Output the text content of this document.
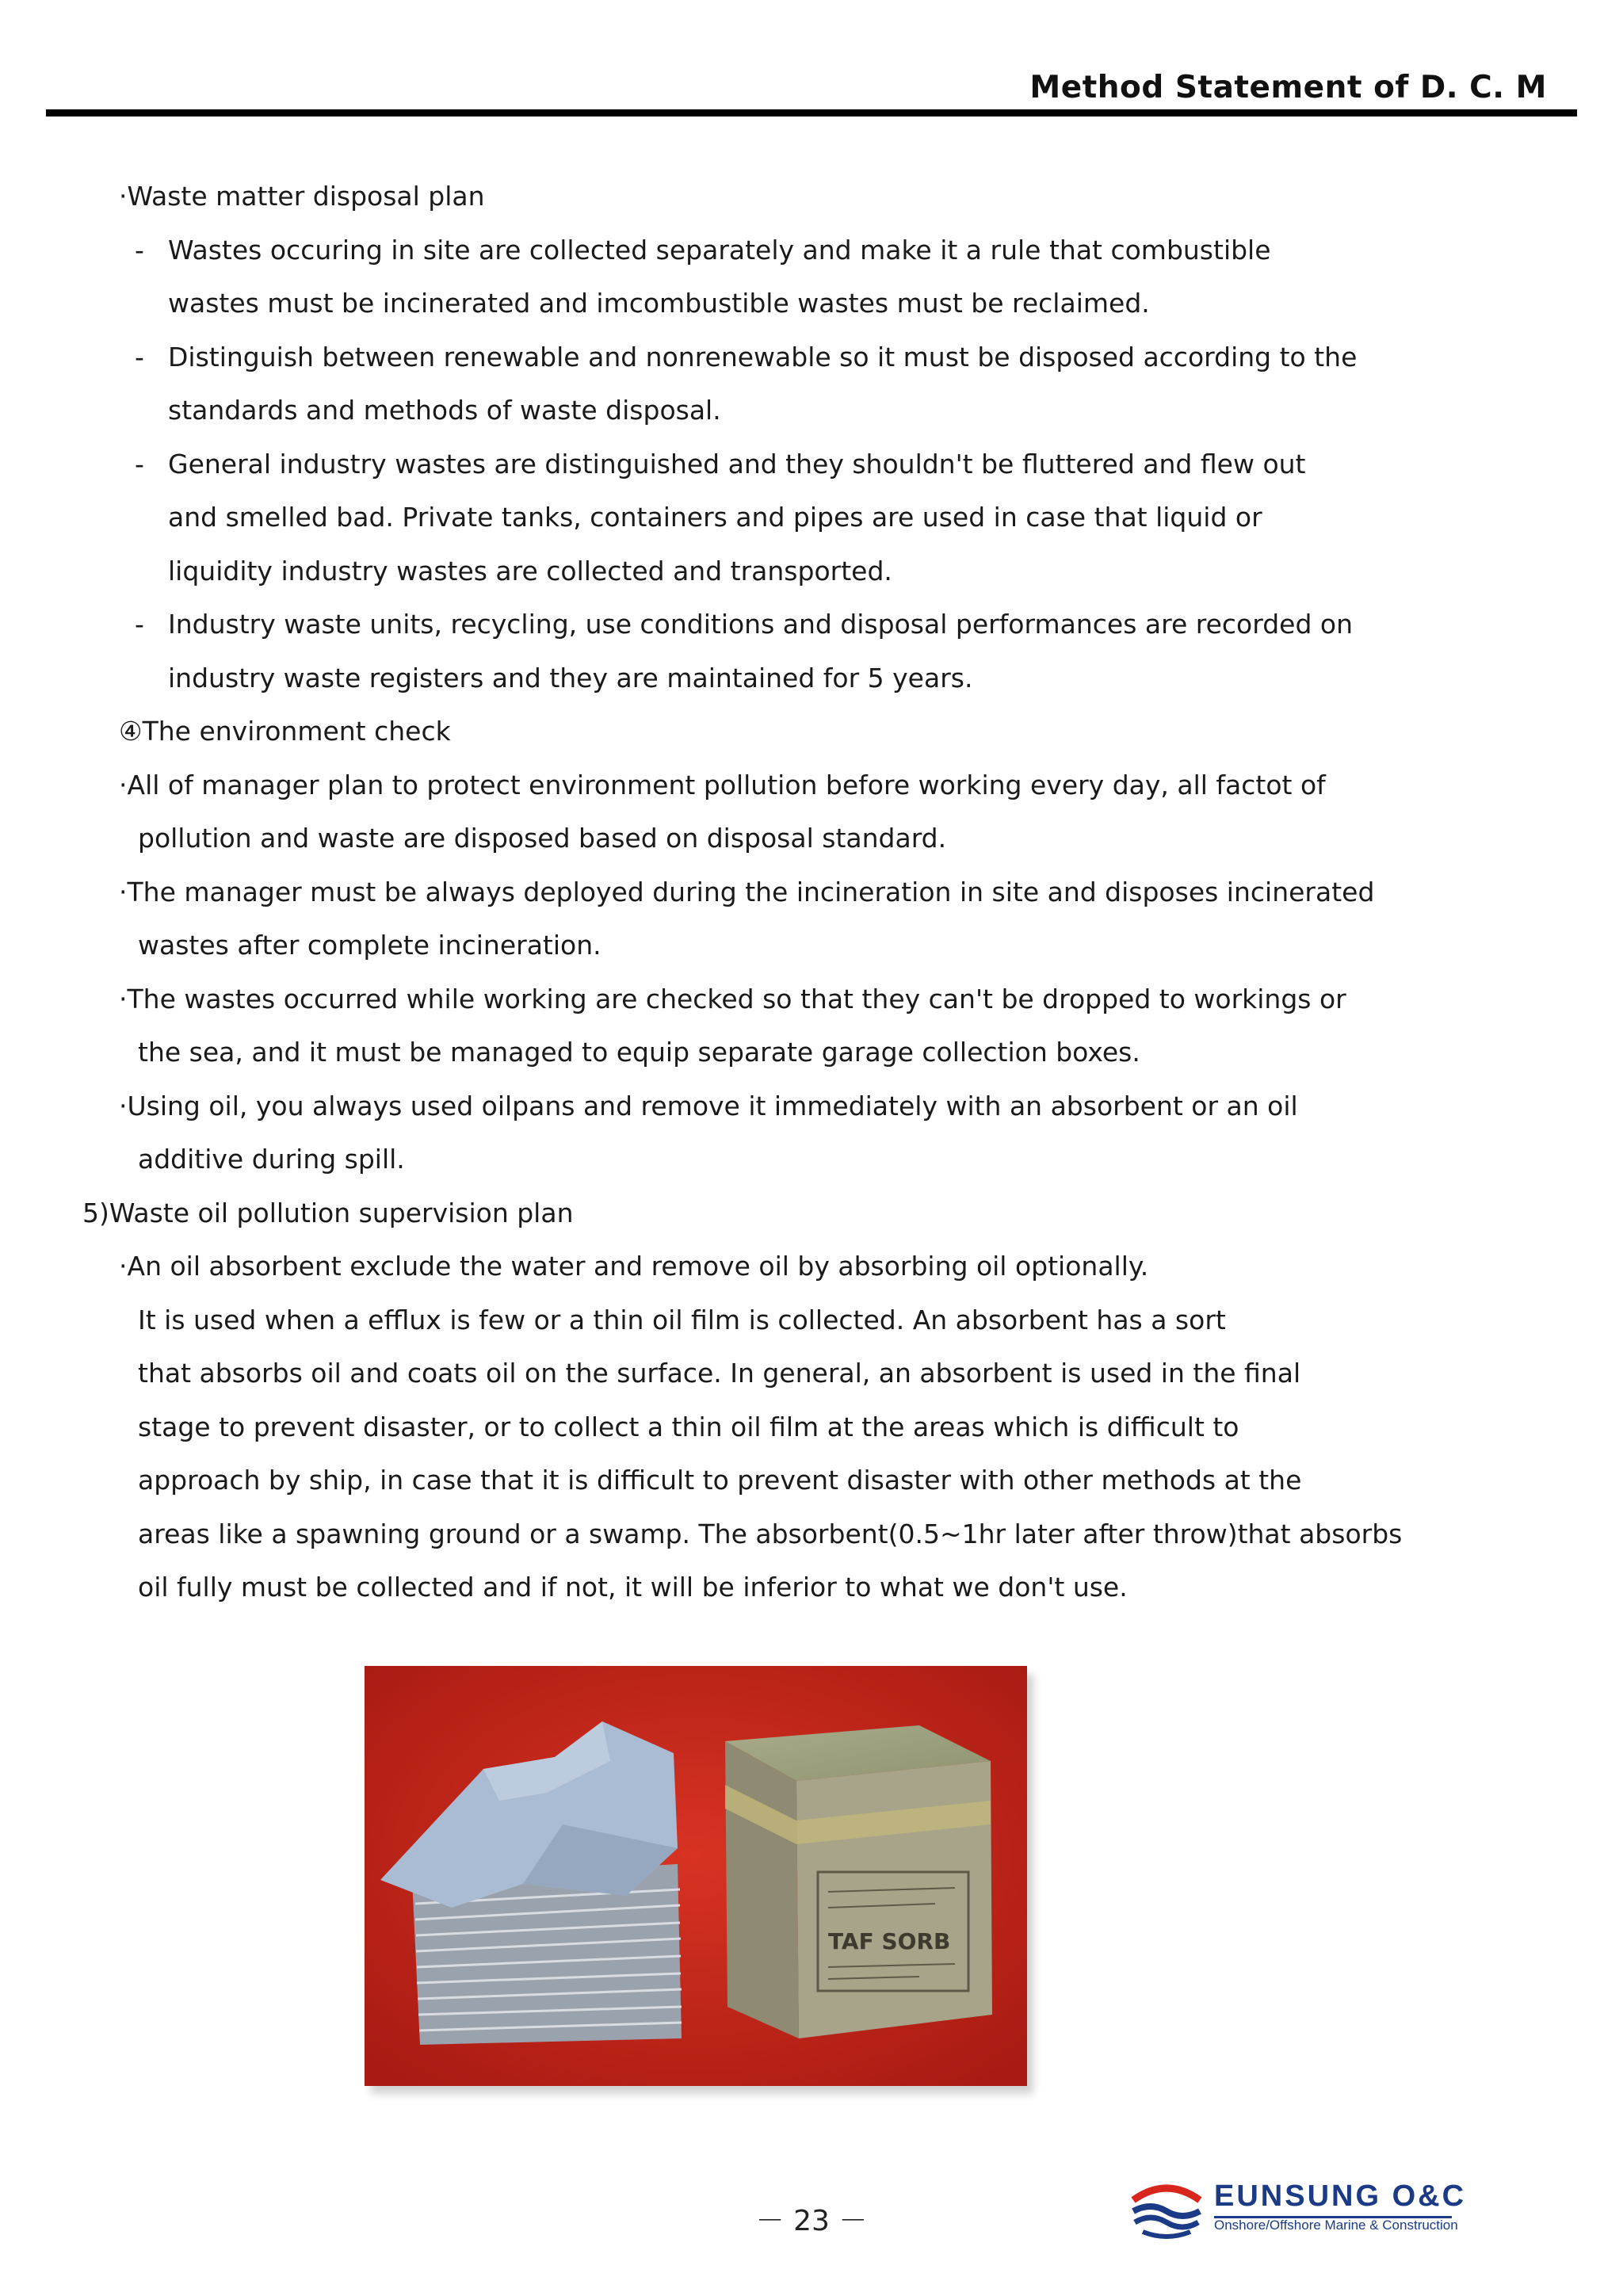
Method Statement of D. C. M
·Waste matter disposal plan
- Wastes occuring in site are collected separately and make it a rule that combustible
wastes must be incinerated and imcombustible wastes must be reclaimed.
- Distinguish between renewable and nonrenewable so it must be disposed according to the
standards and methods of waste disposal.
- General industry wastes are distinguished and they shouldn't be fluttered and flew out
and smelled bad. Private tanks, containers and pipes are used in case that liquid or
liquidity industry wastes are collected and transported.
- Industry waste units, recycling, use conditions and disposal performances are recorded on
industry waste registers and they are maintained for 5 years.
④The environment check
·All of manager plan to protect environment pollution before working every day, all factot of
pollution and waste are disposed based on disposal standard.
·The manager must be always deployed during the incineration in site and disposes incinerated
wastes after complete incineration.
·The wastes occurred while working are checked so that they can't be dropped to workings or
the sea, and it must be managed to equip separate garage collection boxes.
·Using oil, you always used oilpans and remove it immediately with an absorbent or an oil
additive during spill.
5)Waste oil pollution supervision plan
·An oil absorbent exclude the water and remove oil by absorbing oil optionally.
It is used when a efflux is few or a thin oil film is collected. An absorbent has a sort
that absorbs oil and coats oil on the surface. In general, an absorbent is used in the final
stage to prevent disaster, or to collect a thin oil film at the areas which is difficult to
approach by ship, in case that it is difficult to prevent disaster with other methods at the
areas like a spawning ground or a swamp. The absorbent(0.5~1hr later after throw)that absorbs
oil fully must be collected and if not, it will be inferior to what we don't use.
TAF SORB
－ 23 －
EUNSUNG O&C
Onshore/Offshore Marine & Construction
